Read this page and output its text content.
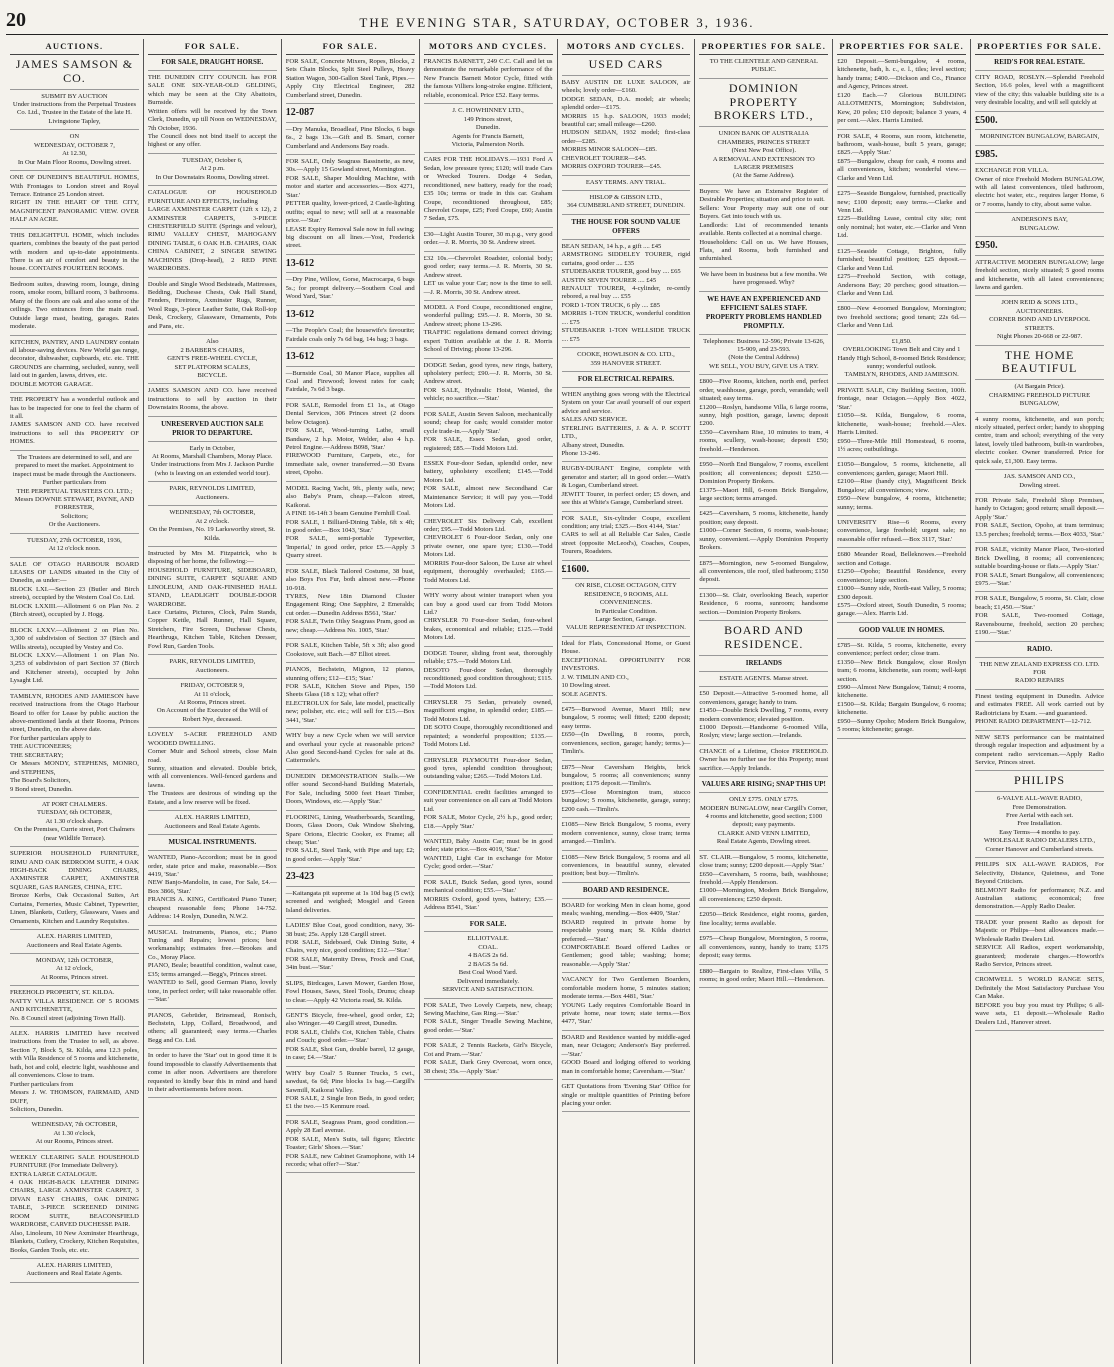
20	THE EVENING STAR, SATURDAY, OCTOBER 3, 1936.
AUCTIONS.
JAMES SAMSON & CO.
SUBMIT BY AUCTION
Under instructions from the Perpetual Trustees Co. Ltd., Trustee in the Estate of the late H. Livingstone Tapley,
ON
WEDNESDAY, OCTOBER 7,
At 12.30,
In Our Main Floor Rooms, Dowling street.
ONE OF DUNEDIN'S BEAUTIFUL HOMES, With Frontages to London street and Royal Terrace. Entrance 25 London street.
RIGHT IN THE HEART OF THE CITY, MAGNIFICENT PANORAMIC VIEW. OVER HALF AN ACRE.
THIS DELIGHTFUL HOME, which includes quarters, combines the beauty of the past period with modern and up-to-date appointments. There is an air of comfort and beauty in the house. CONTAINS FOURTEEN ROOMS.
Bedroom suites, drawing room, lounge, dining room, smoke room, billiard room, 3 bathrooms. Many of the floors are oak and also some of the ceilings. Two entrances from the main road. Outside large mast, heating, garages. Rates moderate.
KITCHEN, PANTRY, AND LAUNDRY contain all labour-saving devices. New World gas range, decorator, dishwasher, cupboards, etc. etc. THE GROUNDS are charming, secluded, sunny, well laid out in garden, lawns, drives, etc.
DOUBLE MOTOR GARAGE.
THE PROPERTY has a wonderful outlook and has to be inspected for one to feel the charm of it all.
JAMES SAMSON AND CO. have received instructions to sell this PROPERTY OF HOMES.
The Trustees are determined to sell, and are prepared to meet the market. Appointment to inspect must be made through the Auctioneers.
Further particulars from
THE PERPETUAL TRUSTEES CO. LTD.;
Messrs DOWNIE STEWART, PAYNE, AND FORRESTER,
Solicitors;
Or the Auctioneers.
TUESDAY, 27th OCTOBER, 1936,
At 12 o'clock noon.
SALE OF OTAGO HARBOUR BOARD LEASES OF LANDS situated in the City of Dunedin, as under:—
BLOCK LXI.—Section 23 (Butler and Birch streets), occupied by the Western Coal Co. Ltd.
BLOCK LXXIII.—Allotment 6 on Plan No. 2 (Birch street), occupied by J. Hogg.
BLOCK LXXV.—Allotment 2 on Plan No. 3,300 of subdivision of Section 37 (Birch and Willis streets), occupied by Vestey and Co.
BLOCK LXXV.—Allotment 1 on Plan No. 3,253 of subdivision of part Section 37 (Birch and Kitchener streets), occupied by John Lysaght Ltd.
TAMBLYN, RHODES AND JAMIESON have received instructions from the Otago Harbour Board to offer for Lease by public auction the above-mentioned lands at their Rooms, Princes street, Dunedin, on the above date.
For further particulars apply to
THE AUCTIONEERS;
THE SECRETARY;
Or Messrs MONDY, STEPHENS, MONRO, and STEPHENS,
The Board's Solicitors,
9 Bond street, Dunedin.
AT PORT CHALMERS.
TUESDAY, 6th OCTOBER,
At 1.30 o'clock sharp.
On the Premises, Currie street, Port Chalmers (near Wildlife Terrace).
SUPERIOR HOUSEHOLD FURNITURE, RIMU AND OAK BEDROOM SUITE, 4 OAK HIGH-BACK DINING CHAIRS, AXMINSTER CARPET, AXMINSTER SQUARE, GAS RANGES, CHINA, ETC.
Bronze Kerbs, Oak Occasional Suites, Art Curtains, Ferneries, Music Cabinet, Typewriter, Linen, Blankets, Cutlery, Glassware, Vases and Ornaments, Kitchen and Laundry Requisites.
ALEX. HARRIS LIMITED,
Auctioneers and Real Estate Agents.
MONDAY, 12th OCTOBER,
At 12 o'clock,
At Rooms, Princes street.
FREEHOLD PROPERTY, ST. KILDA.
NATTY VILLA RESIDENCE OF 5 ROOMS AND KITCHENETTE,
No. 8 Council street (adjoining Town Hall).
ALEX. HARRIS LIMITED have received instructions from the Trustee to sell, as above. Section 7, Block 5, St. Kilda, area 12.3 poles, with Villa Residence of 5 rooms and kitchenette, bath, hot and cold, electric light, washhouse and all conveniences. Close to tram.
Further particulars from
Messrs J. W. THOMSON, FAIRMAID, AND DUFF,
Solicitors, Dunedin.
WEDNESDAY, 7th OCTOBER,
At 1.30 o'clock,
At our Rooms, Princes street.
WEEKLY CLEARING SALE HOUSEHOLD FURNITURE (For Immediate Delivery).
EXTRA LARGE CATALOGUE.
4 OAK HIGH-BACK LEATHER DINING CHAIRS, LARGE AXMINSTER CARPET, 3 DIVAN EASY CHAIRS, OAK DINING TABLE, 3-PIECE SCREENED DINING ROOM SUITE, BEACONSFIELD WARDROBE, CARVED DUCHESSE PAIR.
Also, Linoleum, 10 New Axminster Hearthrugs, Blankets, Cutlery, Crockery, Kitchen Requisites, Books, Garden Tools, etc. etc.
ALEX. HARRIS LIMITED,
Auctioneers and Real Estate Agents.
FOR SALE.
FOR SALE, DRAUGHT HORSE.
THE DUNEDIN CITY COUNCIL has FOR SALE ONE SIX-YEAR-OLD GELDING, which may be seen at the City Abattoirs, Burnside.
Written offers will be received by the Town Clerk, Dunedin, up till Noon on WEDNESDAY, 7th October, 1936.
The Council does not bind itself to accept the highest or any offer.
TUESDAY, October 6,
At 2 p.m.
In Our Downstairs Rooms, Dowling street.
CATALOGUE OF HOUSEHOLD FURNITURE AND EFFECTS, including
LARGE AXMINSTER CARPET (12ft x 12), 2 AXMINSTER CARPETS, 3-PIECE CHESTERFIELD SUITE (Springs and velour), RIMU VALLEY CHEST, MAHOGANY DINING TABLE, 6 OAK H.B. CHAIRS, OAK CHINA CABINET, 2 SINGER SEWING MACHINES (Drop-head), 2 RED PINE WARDROBES.
Double and Single Wood Bedsteads, Mattresses, Bedding, Duchesse Chests, Oak Hall Stand, Fenders, Fireirons, Axminster Rugs, Runner, Wool Rugs, 3-piece Leather Suite, Oak Roll-top Desk, Crockery, Glassware, Ornaments, Pots and Pans, etc.
Also
2 BARBER'S CHAIRS,
GENT'S FREE-WHEEL CYCLE,
SET PLATFORM SCALES,
BICYCLE.
JAMES SAMSON AND CO. have received instructions to sell by auction in their Downstairs Rooms, the above.
UNRESERVED AUCTION SALE
PRIOR TO DEPARTURE.
Early in October,
At Rooms, Marshall Chambers, Moray Place.
Under instructions from Mrs J. Jackson Purdie (who is leaving on an extended world tour).
PARK, REYNOLDS LIMITED,
Auctioneers.
WEDNESDAY, 7th OCTOBER,
At 2 o'clock.
On the Premises, No. 19 Larksworthy street, St. Kilda.
Instructed by Mrs M. Fitzpatrick, who is disposing of her home, the following:—
HOUSEHOLD FURNITURE, SIDEBOARD, DINING SUITE, CARPET SQUARE AND LINOLEUM, AND OAK-FINISHED HALL STAND, LEADLIGHT DOUBLE-DOOR WARDROBE.
Lace Curtains, Pictures, Clock, Palm Stands, Copper Kettle, Hall Runner, Hall Square, Stretchers, Fire Screen, Duchesse Chests, Hearthrugs, Kitchen Table, Kitchen Dresser, Fowl Run, Garden Tools.
PARK, REYNOLDS LIMITED,
Auctioneers.
FRIDAY, OCTOBER 9,
At 11 o'clock,
At Rooms, Princes street.
On Account of the Executor of the Will of Robert Nye, deceased.
LOVELY 5-ACRE FREEHOLD AND WOODED DWELLING.
Corner Muir and School streets, close Main road.
Sunny, situation and elevated. Double brick, with all conveniences. Well-fenced gardens and lawns.
The Trustees are desirous of winding up the Estate, and a low reserve will be fixed.
ALEX. HARRIS LIMITED,
Auctioneers and Real Estate Agents.
MUSICAL INSTRUMENTS.
WANTED, Piano-Accordion; must be in good order, state price and make, reasonable.—Box 4419, 'Star.'
NEW Banjo-Mandolin, in case, For Sale, £4.—Box 3866, 'Star.'
FRANCIS A. KING, Certificated Piano Tuner; cheapest reasonable fees; Phone 14-752. Address: 14 Roslyn, Dunedin, N.W.2.
MUSICAL Instruments, Pianos, etc.; Piano Tuning and Repairs; lowest prices; best workmanship; estimates free.—Brookes and Co., Moray Place.
PIANO, Beale; beautiful condition, walnut case, £35; terms arranged.—Begg's, Princes street.
WANTED to Sell, good German Piano, lovely tone, in perfect order; will take reasonable offer.—'Star.'
PIANOS, Gebrüder, Brinsmead, Ronisch, Bechstein, Lipp, Collard, Broadwood, and others; all guaranteed; easy terms.—Charles Begg and Co. Ltd.
In order to have the 'Star' out in good time it is found impossible to classify Advertisements that come in after noon. Advertisers are therefore requested to kindly bear this in mind and hand in their advertisements before noon.
FOR SALE.
FOR SALE, Concrete Mixers, Ropes, Blocks, 2 Sets Chain Blocks, Split Steel Pulleys, Heavy Station Wagon, 300-Gallon Steel Tank, Pipes.—Apply City Electrical Engineer, 282 Cumberland street, Dunedin.
12-087
—Dry Manuka, Broadleaf, Pine Blocks, 6 bags 6s., 2 bags 13s.—Gift and B. Smart, corner Cumberland and Andersons Bay roads.
FOR SALE, Only Seagrass Bassinette, as new, 30s.—Apply 15 Gowland street, Mornington.
FOR SALE, Shaper Moulding Machine, with motor and starter and accessories.—Box 4271, 'Star.'
PETTER quality, lower-priced, 2 Castle-lighting outfits; equal to new; will sell at a reasonable price.—'Star.'
LEASE Expiry Removal Sale now in full swing; big discount on all lines.—Yost, Frederick street.
13-612
—Dry Pine, Willow, Gorse, Macrocarpa, 6 bags 5s.; for prompt delivery.—Southern Coal and Wood Yard, 'Star.'
13-612
—The People's Coal; the housewife's favourite; Fairdale coals only 7s 6d bag, 14s bag; 3 bags.
13-612
—Burnside Coal, 30 Manor Place, supplies all Coal and Firewood; lowest rates for cash; Fairdale, 7s 6d 3 bags.
FOR SALE, Remodel from £1 1s., at Otago Dental Services, 306 Princes street (2 doors below Octagon).
FOR SALE, Wood-turning Lathe, small Bandsaw, 2 h.p. Motor, Welder, also 4 h.p. Petrol Engine.—Address B098, 'Star.'
FIREWOOD Furniture, Carpets, etc., for immediate sale, owner transferred.—30 Evans street, Opoho.
MODEL Racing Yacht, 9ft., plenty sails, new; also Baby's Pram, cheap.—Falcon street, Kaikorai.
A FINE 16-14ft 3 beam Genuine Fernhill Coal.
FOR SALE, 1 Billiard-Dining Table, 6ft x 4ft; in good order.—Box 1043, 'Star.'
FOR SALE, semi-portable Typewriter, 'Imperial,' in good order, price £5.—Apply 3 Quarry street.
FOR SALE, Black Tailored Costume, 38 bust, also Boys Fox Fur, both almost new.—Phone 10-918.
TYRES, New 18in Diamond Cluster Engagement Ring; One Sapphire, 2 Emeralds; cut order.—Dunedin Address B561, 'Star.'
FOR SALE, Twin Oilsy Seagrass Pram, good as new; cheap.—Address No. 1005, 'Star.'
FOR SALE, Kitchen Table, 5ft x 3ft; also good Cookstove, suit Bach.—87 Elliot street.
PIANOS, Bechstein, Mignon, 12 pianos, stunning offers; £12—£15; 'Star.'
FOR SALE, Kitchen Stove and Pipes, 150 Sheets Glass (18 x 12); what offer?
ELECTROLUX for Sale, late model, practically new; polisher, etc. etc.; will sell for £15.—Box 3441, 'Star.'
WHY buy a new Cycle when we will service and overhaul your cycle at reasonable prices? Also good Second-hand Cycles for sale at 8s. Cattermole's.
DUNEDIN DEMONSTRATION Stalls.—We offer sound Second-hand Building Materials, For Sale, including 5000 feet Heart Timber, Doors, Windows, etc.—Apply 'Star.'
FLOORING, Lining, Weatherboards, Scantling, Doors, Glass Doors, Oak Window Shelving, Spare Orions, Electric Cooker, ex Frame; all cheap; 'Star.'
FOR SALE, Steel Tank, with Pipe and tap; £2; in good order.—Apply 'Star.'
23-423
—Kaitangata pit supreme at 1s 10d bag (5 cwt); screened and weighed; Mosgiel and Green Island deliveries.
LADIES' Blue Coat, good condition, navy, 36-38 bust; 25s. Apply 128 Cargill street.
FOR SALE, Sideboard, Oak Dining Suite, 4 Chairs, very nice, good condition; £12.—'Star.'
FOR SALE, Maternity Dress, Frock and Coat, 34in bust.—'Star.'
SLIPS, Birdcages, Lawn Mower, Garden Hose, Fowl Houses, Saws, Steel Tools, Drums; cheap to clear.—Apply 42 Victoria road, St. Kilda.
GENT'S Bicycle, free-wheel, good order, £2; also Wringer.—49 Cargill street, Dunedin.
FOR SALE, Child's Cot, Kitchen Table, Chairs and Couch; good order.—'Star.'
FOR SALE, Shot Gun, double barrel, 12 gauge, in case; £4.—'Star.'
WHY buy Coal? 5 Runner Trucks, 5 cwt., sawdust, 6s 6d; Pine blocks 1s bag.—Cargill's Sawmill, Kaikorai Valley.
FOR SALE, 2 Single Iron Beds, in good order; £1 the two.—15 Kenmure road.
FOR SALE, Seagrass Pram, good condition.—Apply 28 Earl avenue.
FOR SALE, Men's Suits, tall figure; Electric Toaster; Girls' Shoes.—'Star.'
FOR SALE, new Cabinet Gramophone, with 14 records; what offer?—'Star.'
MOTORS AND CYCLES.
FRANCIS BARNETT, 249 C.C. Call and let us demonstrate the remarkable performance of the New Francis Barnett Motor Cycle, fitted with the famous Villiers long-stroke engine. Efficient, reliable, economical. Price £52. Easy terms.
J. C. HOWHINNEY LTD.,
149 Princes street,
Dunedin.
Agents for Francis Barnett,
Victoria, Palmerston North.
CARS FOR THE HOLIDAYS.—1931 Ford A Sedan, low pressure tyres; £120; will trade Cars or Wrecked Tourers. Dodge 4 Sedan, reconditioned, new battery, ready for the road; £35 10s; terms or trade in this car. Graham Coupe, reconditioned throughout, £85; Chevrolet Coupe, £25; Ford Coupe, £60; Austin 7 Sedan, £75.
£30—Light Austin Tourer, 30 m.p.g., very good order.—J. R. Morris, 30 St. Andrew street.
£32 10s.—Chevrolet Roadster, colonial body; good order; easy terms.—J. R. Morris, 30 St. Andrew street.
LET us value your Car; now is the time to sell.—J. R. Morris, 30 St. Andrew street.
MODEL A Ford Coupe, reconditioned engine, wonderful pulling; £95.—J. R. Morris, 30 St. Andrew street; phone 13-296.
TRAFFIC regulations demand correct driving; expert Tuition available at the J. R. Morris School of Driving; phone 13-296.
DODGE Sedan, good tyres, new rings, battery, upholstery perfect; £90.—J. R. Morris, 30 St. Andrew street.
FOR SALE, Hydraulic Hoist, Wanted, the vehicle; no sacrifice.—'Star.'
FOR SALE, Austin Seven Saloon, mechanically sound; cheap for cash; would consider motor cycle trade-in.—Apply 'Star.'
FOR SALE, Essex Sedan, good order, registered; £85.—Todd Motors Ltd.
ESSEX Four-door Sedan, splendid order, new battery, upholstery excellent; £145.—Todd Motors Ltd.
FOR SALE, almost new Secondhand Car Maintenance Service; it will pay you.—Todd Motors Ltd.
CHEVROLET Six Delivery Cab, excellent order; £95.—Todd Motors Ltd.
CHEVROLET 6 Four-door Sedan, only one private owner, one spare tyre; £130.—Todd Motors Ltd.
MORRIS Four-door Saloon, De Luxe air wheel equipment, thoroughly overhauled; £165.—Todd Motors Ltd.
WHY worry about winter transport when you can buy a good used car from Todd Motors Ltd.?
CHRYSLER 70 Four-door Sedan, four-wheel brakes, economical and reliable; £125.—Todd Motors Ltd.
DODGE Tourer, sliding front seat, thoroughly reliable; £75.—Todd Motors Ltd.
DESOTO Four-door Sedan, thoroughly reconditioned; good condition throughout; £115.—Todd Motors Ltd.
CHRYSLER 75 Sedan, privately owned, magnificent engine, in splendid order; £185.—Todd Motors Ltd.
DE SOTO Coupe, thoroughly reconditioned and repainted; a wonderful proposition; £135.—Todd Motors Ltd.
CHRYSLER PLYMOUTH Four-door Sedan, good tyres, splendid condition throughout; outstanding value; £265.—Todd Motors Ltd.
CONFIDENTIAL credit facilities arranged to suit your convenience on all cars at Todd Motors Ltd.
FOR SALE, Motor Cycle, 2½ h.p., good order; £18.—Apply 'Star.'
WANTED, Baby Austin Car; must be in good order; state price.—Box 4019, 'Star.'
WANTED, Light Car in exchange for Motor Cycle; good order.—'Star.'
FOR SALE, Buick Sedan, good tyres, sound mechanical condition; £55.—'Star.'
MORRIS Oxford, good tyres, battery; £35.—Address B541, 'Star.'
FOR SALE.
ELLIOTVALE.
COAL.
4 BAGS 2s 6d.
2 BAGS 5s 6d.
Best Coal Wood Yard.
Delivered immediately.
SERVICE AND SATISFACTION.
FOR SALE, Two Lovely Carpets, new, cheap; Sewing Machine, Gas Ring.—'Star.'
FOR SALE, Singer Treadle Sewing Machine, good order.—'Star.'
FOR SALE, 2 Tennis Rackets, Girl's Bicycle, Cot and Pram.—'Star.'
FOR SALE, Dark Grey Overcoat, worn once, 38 chest; 35s.—Apply 'Star.'
MOTORS AND CYCLES.
USED CARS
BABY AUSTIN DE LUXE SALOON, air wheels; lovely order—£160.
DODGE SEDAN, D.A. model; air wheels; splendid order—£175.
MORRIS 15 h.p. SALOON, 1933 model; beautiful car; small mileage—£260.
HUDSON SEDAN, 1932 model; first-class order—£285.
MORRIS MINOR SALOON—£85.
CHEVROLET TOURER—£45.
MORRIS OXFORD TOURER—£45.
EASY TERMS. ANY TRIAL.
HISLOP & GIBSON LTD.,
364 CUMBERLAND STREET, DUNEDIN.
THE HOUSE FOR SOUND VALUE OFFERS
BEAN SEDAN, 14 h.p., a gift .... £45
ARMSTRONG SIDDELEY TOURER, rigid curtains, good order .... £35
STUDEBAKER TOURER, good buy .... £65
AUSTIN SEVEN TOURER .... £45
RENAULT TOURER, 4-cylinder, re-cently rebored, a real buy .... £55
FORD 1-TON TRUCK, 6 ply .... £85
MORRIS 1-TON TRUCK, wonderful condition .... £75
STUDEBAKER 1-TON WELLSIDE TRUCK .... £75
COOKE, HOWLISON & CO. LTD.,
359 HANOVER STREET.
FOR ELECTRICAL REPAIRS.
WHEN anything goes wrong with the Electrical System on your Car avail yourself of our expert advice and service.
SALES AND SERVICE.
STERLING BATTERIES, J. & A. P. SCOTT LTD.,
Albany street, Dunedin.
Phone 13-246.
RUGBY-DURANT Engine, complete with generator and starter; all in good order.—Watt's & Logan, Cumberland street.
JEWITT Tourer, in perfect order; £5 down, and see this at White's Garage, Cumberland street.
FOR SALE, Six-cylinder Coupe, excellent condition; any trial; £325.—Box 4144, 'Star.'
CARS to sell at all Reliable Car Sales, Castle street (opposite McLeod's), Coaches, Coupes, Tourers, Roadsters.
£1600.
ON RISE, CLOSE OCTAGON, CITY RESIDENCE, 9 ROOMS, ALL CONVENIENCES.
In Particular Condition.
Large Section, Garage.
VALUE REPRESENTED AT INSPECTION.
Ideal for Flats, Concessional Home, or Guest House.
EXCEPTIONAL OPPORTUNITY FOR INVESTORS.
J. W. TIMLIN AND CO.,
10 Dowling street.
SOLE AGENTS.
£475—Burwood Avenue, Maori Hill; new bungalow, 5 rooms; well fitted; £200 deposit; easy terms.
£650—(In Dwelling, 8 rooms, porch, conveniences, section, garage; handy; terms.)—Timlin's.
£875—Near Caversham Heights, brick bungalow, 5 rooms; all conveniences; sunny position; £175 deposit.—Timlin's.
£975—Close Mornington tram, stucco bungalow; 5 rooms, kitchenette, garage, sunny; £200 cash.—Timlin's.
£1085—New Brick Bungalow, 5 rooms, every modern convenience, sunny, close tram; terms arranged.—Timlin's.
£1085—New Brick Bungalow, 5 rooms and all conveniences, in beautiful sunny, elevated position; best buy.—Timlin's.
BOARD AND RESIDENCE.
BOARD for working Men in clean home, good meals; washing, mending.—Box 4409, 'Star.'
BOARD required in private home by respectable young man; St. Kilda district preferred.—'Star.'
COMFORTABLE Board offered Ladies or Gentlemen; good table; washing; home; reasonable.—Apply 'Star.'
VACANCY for Two Gentlemen Boarders, comfortable modern home, 5 minutes station; moderate terms.—Box 4481, 'Star.'
YOUNG Lady requires Comfortable Board in private home, near town; state terms.—Box 4477, 'Star.'
BOARD and Residence wanted by middle-aged man, near Octagon; Anderson's Bay preferred.—'Star.'
GOOD Board and lodging offered to working man in comfortable home; Caversham.—'Star.'
GET Quotations from 'Evening Star' Office for single or multiple quantities of Printing before placing your order.
PROPERTIES FOR SALE.
TO THE CLIENTELE AND GENERAL PUBLIC.
DOMINION PROPERTY BROKERS LTD.,
UNION BANK OF AUSTRALIA CHAMBERS, PRINCES STREET
(Next New Post Office).
A REMOVAL AND EXTENSION TO LARGER PREMISES
(At the Same Address).
Buyers: We have an Extensive Register of Desirable Properties; situation and price to suit.
Sellers: Your Property may suit one of our Buyers. Get into touch with us.
Landlords: List of recommended tenants available. Rents collected at a nominal charge.
Householders: Call on us. We have Houses, Flats, and Rooms, both furnished and unfurnished.
We have been in business but a few months. We have progressed. Why?
WE HAVE AN EXPERIENCED AND EFFICIENT SALES STAFF.
PROPERTY PROBLEMS HANDLED PROMPTLY.
Telephones: Business 12-596; Private 13-626, 15-909, and 23-593.
(Note the Central Address)
WE SELL, YOU BUY, GIVE US A TRY.
£800—Five Rooms, kitchen, north end, perfect order, washhouse, garage, porch, verandah; well situated; easy terms.
£1200—Roslyn, handsome Villa, 6 large rooms, sunny, high position, garage, lawns; deposit £200.
£350—Caversham Rise, 10 minutes to tram, 4 rooms, scullery, wash-house; deposit £50; freehold.—Henderson.
£950—North End Bungalow, 7 rooms, excellent position; all conveniences; deposit £250.—Dominion Property Brokers.
£1375—Maori Hill, 6-room Brick Bungalow, large section; terms arranged.
£425—Caversham, 5 rooms, kitchenette, handy position; easy deposit.
£1000—Corner Section, 6 rooms, wash-house; sunny, convenient.—Apply Dominion Property Brokers.
£875—Mornington, new 5-roomed Bungalow, all conveniences, tile roof, tiled bathroom; £150 deposit.
£1300—St. Clair, overlooking Beach, superior Residence, 6 rooms, sunroom; handsome section.—Dominion Property Brokers.
BOARD AND RESIDENCE.
IRELANDS
ESTATE AGENTS. Manse street.
£50 Deposit.—Attractive 5-roomed home, all conveniences, garage; handy to tram.
£1450—Double Brick Dwelling, 7 rooms, every modern convenience; elevated position.
£1000 Deposit.—Handsome 6-roomed Villa, Roslyn; view; large section.—Irelands.
CHANCE of a Lifetime, Choice FREEHOLD. Owner has no further use for this Property; must sacrifice.—Apply Irelands.
VALUES ARE RISING; SNAP THIS UP!
ONLY £775. ONLY £775.
MODERN BUNGALOW, near Cargill's Corner, 4 rooms and kitchenette, good section; £100 deposit; easy payments.
CLARKE AND VENN LIMITED,
Real Estate Agents, Dowling street.
ST. CLAIR.—Bungalow, 5 rooms, kitchenette, close tram; sunny; £200 deposit.—Apply 'Star.'
£650—Caversham, 5 rooms, bath, washhouse; freehold.—Apply Henderson.
£1000—Mornington, Modern Brick Bungalow, all conveniences; £250 deposit.
£2050—Brick Residence, eight rooms, garden, fine locality; terms available.
£975—Cheap Bungalow, Mornington, 5 rooms, all conveniences, sunny, handy to tram; £175 deposit; easy terms.
£880—Bargain to Realize, First-class Villa, 5 rooms; in good order; Maori Hill.—Henderson.
PROPERTIES FOR SALE.
£20 Deposit.—Semi-bungalow, 4 rooms, kitchenette, bath, h. c., e. l., tiles; level section; handy trams; £400.—Dickson and Co., Finance and Agency, Princes street.
£120 Each.—7 Glorious BUILDING ALLOTMENTS, Mornington; Subdivision, Kew, 20 poles; £10 deposit; balance 3 years, 4 per cent.—Alex. Harris Limited.
FOR SALE, 4 Rooms, sun room, kitchenette, bathroom, wash-house, built 5 years, garage; £825.—Apply 'Star.'
£875—Bungalow, cheap for cash, 4 rooms and all conveniences, kitchen; wonderful view.—Clarke and Venn Ltd.
£275—Seaside Bungalow, furnished, practically new; £100 deposit; easy terms.—Clarke and Venn Ltd.
£225—Building Lease, central city site; rent only nominal; hot water, etc.—Clarke and Venn Ltd.
£125—Seaside Cottage, Brighton, fully furnished; beautiful position; £25 deposit.—Clarke and Venn Ltd.
£275—Freehold Section, with cottage, Andersons Bay; 20 perches; good situation.—Clarke and Venn Ltd.
£800—New 4-roomed Bungalow, Mornington; two freehold sections; good tenant; 22s 6d.—Clarke and Venn Ltd.
£1,850.
OVERLOOKING Town Belt and City and 1 Handy High School, 8-roomed Brick Residence; sunny; wonderful outlook.
TAMBLYN, RHODES, AND JAMIESON.
PRIVATE SALE, City Building Section, 100ft. frontage, near Octagon.—Apply Box 4022, 'Star.'
£1050—St. Kilda, Bungalow, 6 rooms, kitchenette, wash-house; freehold.—Alex. Harris Limited.
£950—Three-Mile Hill Homestead, 6 rooms, 1½ acres; outbuildings.
£1050—Bungalow, 5 rooms, kitchenette, all conveniences; garden, garage; Maori Hill.
£2100—Rise (handy city), Magnificent Brick Bungalow; all conveniences; view.
£950—New bungalow, 4 rooms, kitchenette; sunny; terms.
UNIVERSITY Rise—6 Rooms, every convenience, large freehold; urgent sale; no reasonable offer refused.—Box 3117, 'Star.'
£680 Meander Road, Belleknowes.—Freehold section and Cottage.
£1250—Opoho; Beautiful Residence, every convenience; large section.
£1000—Sunny side, North-east Valley, 5 rooms; £300 deposit.
£575—Oxford street, South Dunedin, 5 rooms; garage.—Alex. Harris Ltd.
GOOD VALUE IN HOMES.
£785—St. Kilda, 5 rooms, kitchenette, every convenience; perfect order; close tram.
£1350—New Brick Bungalow, close Roslyn tram; 6 rooms, kitchenette, sun room; well-kept section.
£990—Almost New Bungalow, Tainui; 4 rooms, kitchenette.
£1500—St. Kilda; Bargain Bungalow, 6 rooms; kitchenette.
£950—Sunny Opoho; Modern Brick Bungalow, 5 rooms; kitchenette; garage.
PROPERTIES FOR SALE.
REID'S FOR REAL ESTATE.
CITY ROAD, ROSLYN.—Splendid Freehold Section, 16.6 poles, level with a magnificent view of the city; this valuable building site is a very desirable locality, and will sell quickly at
£500.
MORNINGTON BUNGALOW, BARGAIN,
£985.
EXCHANGE FOR VILLA.
Owner of nice Freehold Modern BUNGALOW, with all latest conveniences, tiled bathroom, electric hot water, etc., requires larger Home, 6 or 7 rooms, handy to city, about same value.
ANDERSON'S BAY,
BUNGALOW.
£950.
ATTRACTIVE MODERN BUNGALOW; large freehold section, nicely situated; 5 good rooms and kitchenette, with all latest conveniences; lawns and garden.
JOHN REID & SONS LTD.,
AUCTIONEERS.
CORNER BOND AND LIVERPOOL STREETS.
Night Phones 20-668 or 22-987.
THE HOME BEAUTIFUL
(At Bargain Price).
CHARMING FREEHOLD PICTURE BUNGALOW,
4 sunny rooms, kitchenette, and sun porch; nicely situated, perfect order; handy to shopping centre, tram and school; everything of the very latest, lovely tiled bathroom, built-in wardrobes, electric cooker. Owner transferred. Price for quick sale, £1,300. Easy terms.
JAS. SAMSON AND CO.,
Dowling street.
FOR Private Sale, Freehold Shop Premises, handy to Octagon; good return; small deposit.—Apply 'Star.'
FOR SALE, Section, Opoho, at tram terminus; 13.5 perches; freehold; terms.—Box 4033, 'Star.'
FOR SALE, vicinity Manor Place, Two-storied Brick Dwelling, 8 rooms; all conveniences; suitable boarding-house or flats.—Apply 'Star.'
FOR SALE, Smart Bungalow, all conveniences; £975.—'Star.'
FOR SALE, Bungalow, 5 rooms, St. Clair, close beach; £1,450.—'Star.'
FOR SALE, Two-roomed Cottage, Ravensbourne, freehold, section 20 perches; £190.—'Star.'
RADIO.
THE NEW ZEALAND EXPRESS CO. LTD.
FOR
RADIO REPAIRS
Finest testing equipment in Dunedin. Advice and estimates FREE. All work carried out by Radiotricians by Exam. —and guaranteed.
PHONE RADIO DEPARTMENT—12-712.
NEW SETS performance can be maintained through regular inspection and adjustment by a competent radio serviceman.—Apply Radio Service, Princes street.
PHILIPS
6-VALVE ALL-WAVE RADIO,
Free Demonstration.
Free Aerial with each set.
Free Installation.
Easy Terms—4 months to pay.
WHOLESALE RADIO DEALERS LTD.,
Corner Hanover and Cumberland streets.
PHILIPS SIX ALL-WAVE RADIOS, For Selectivity, Distance, Quietness, and Tone Beyond Criticism.
BELMONT Radio for performance; N.Z. and Australian stations; economical; free demonstration.—Apply Radio Dealer.
TRADE your present Radio as deposit for Majestic or Philips—best allowances made.—Wholesale Radio Dealers Ltd.
SERVICE All Radios, expert workmanship, guaranteed; moderate charges.—Howorth's Radio Service, Princes street.
CROMWELL 5 WORLD RANGE SETS, Definitely the Most Satisfactory Purchase You Can Make.
BEFORE you buy you must try Philips; 6 all-wave sets, £1 deposit.—Wholesale Radio Dealers Ltd., Hanover street.
